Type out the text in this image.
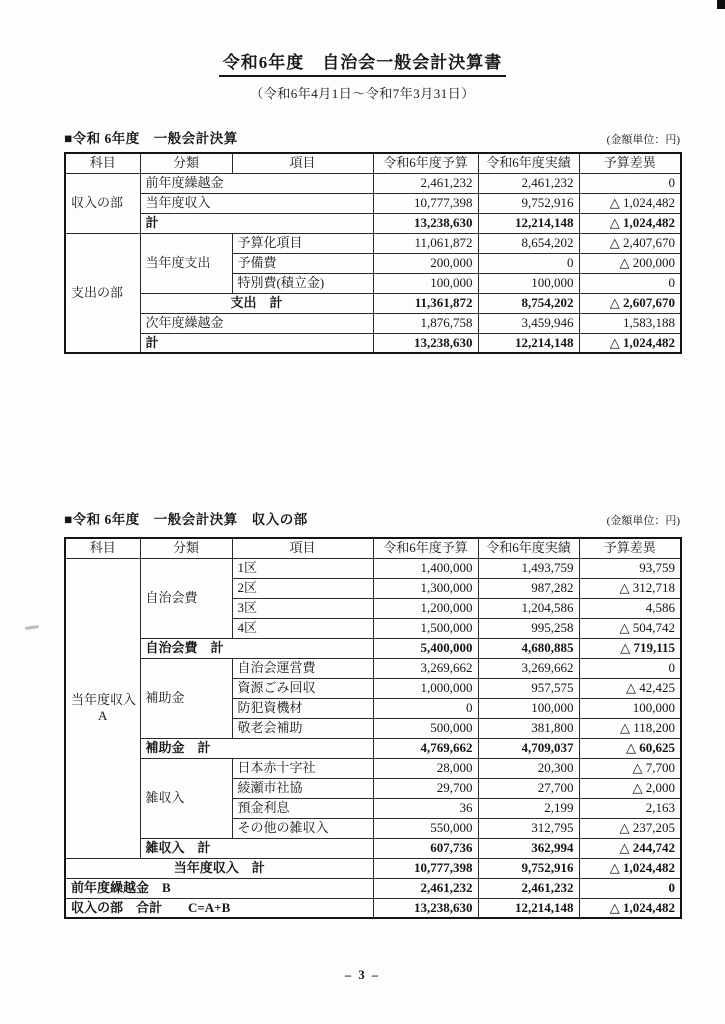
令和6年度　自治会一般会計決算書
（令和6年4月1日～令和7年3月31日）
■令和 6年度　一般会計決算	(金額単位：円)
科目	分類	項目	令和6年度予算	令和6年度実績	予算差異
収入の部	前年度繰越金		2,461,232	2,461,232	0
	当年度収入		10,777,398	9,752,916	△ 1,024,482
	計		13,238,630	12,214,148	△ 1,024,482
支出の部	当年度支出	予算化項目	11,061,872	8,654,202	△ 2,407,670
		予備費	200,000	0	△ 200,000
		特別費(積立金)	100,000	100,000	0
	支出　計		11,361,872	8,754,202	△ 2,607,670
	次年度繰越金		1,876,758	3,459,946	1,583,188
	計		13,238,630	12,214,148	△ 1,024,482
■令和 6年度　一般会計決算　収入の部	(金額単位：円)
科目	分類	項目	令和6年度予算	令和6年度実績	予算差異

当年度収入
A	自治会費	1区	1,400,000	1,493,759	93,759
		2区	1,300,000	987,282	△ 312,718
		3区	1,200,000	1,204,586	4,586
		4区	1,500,000	995,258	△ 504,742
	自治会費　計		5,400,000	4,680,885	△ 719,115
	補助金	自治会運営費	3,269,662	3,269,662	0
		資源ごみ回収	1,000,000	957,575	△ 42,425
		防犯資機材	0	100,000	100,000
		敬老会補助	500,000	381,800	△ 118,200
	補助金　計		4,769,662	4,709,037	△ 60,625
	雑収入	日本赤十字社	28,000	20,300	△ 7,700
		綾瀬市社協	29,700	27,700	△ 2,000
		預金利息	36	2,199	2,163
		その他の雑収入	550,000	312,795	△ 237,205
	雑収入　計		607,736	362,994	△ 244,742
当年度収入　計			10,777,398	9,752,916	△ 1,024,482
前年度繰越金　B			2,461,232	2,461,232	0
収入の部　合計　　C=A+B			13,238,630	12,214,148	△ 1,024,482
– 3 –
